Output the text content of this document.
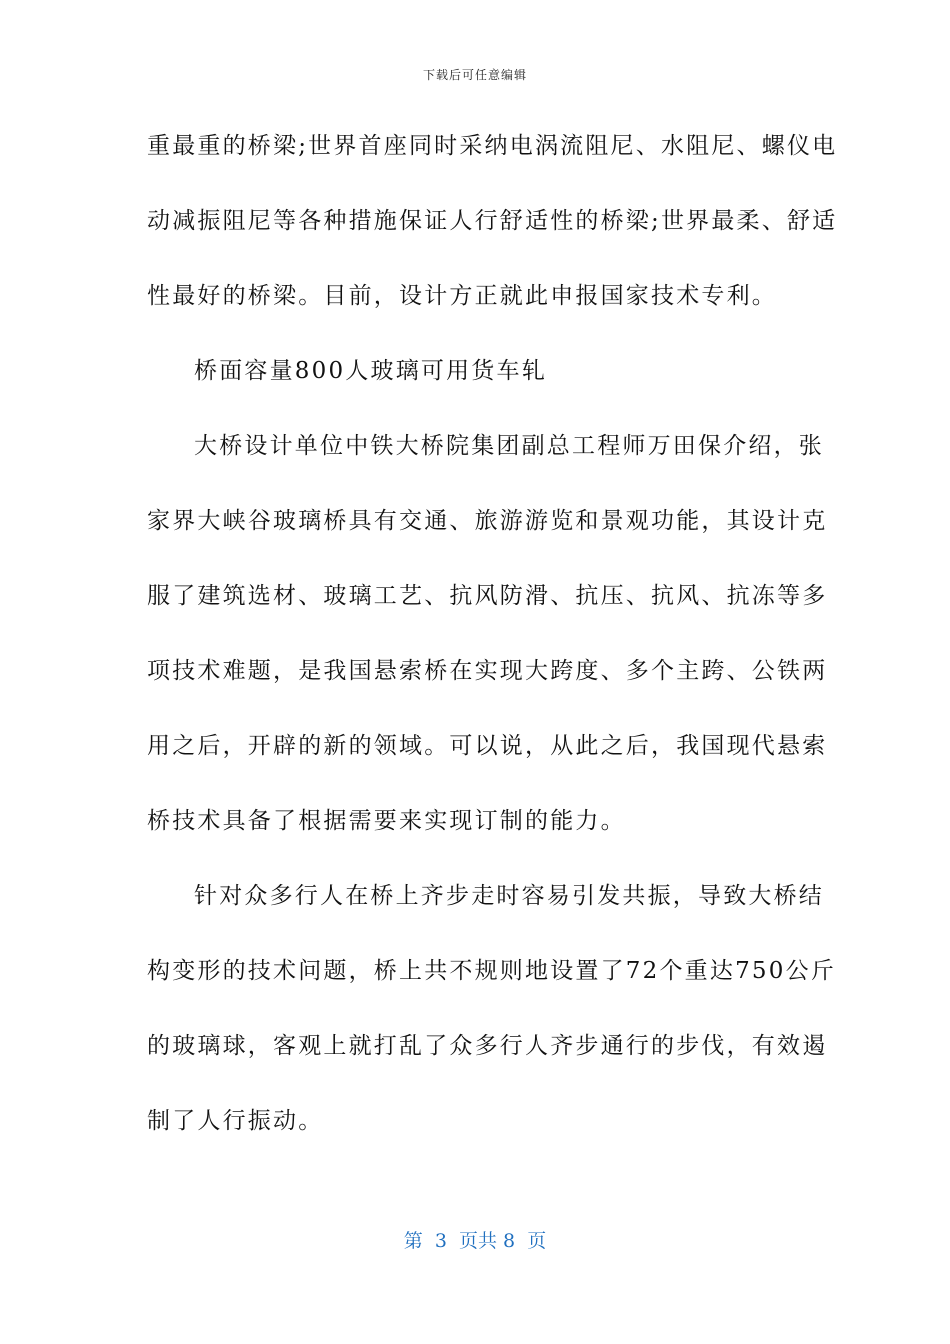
下载后可任意编辑
重最重的桥梁;世界首座同时采纳电涡流阻尼、水阻尼、螺仪电
动减振阻尼等各种措施保证人行舒适性的桥梁;世界最柔、舒适
性最好的桥梁。目前，设计方正就此申报国家技术专利。
桥面容量800人玻璃可用货车轧
大桥设计单位中铁大桥院集团副总工程师万田保介绍，张
家界大峡谷玻璃桥具有交通、旅游游览和景观功能，其设计克
服了建筑选材、玻璃工艺、抗风防滑、抗压、抗风、抗冻等多
项技术难题，是我国悬索桥在实现大跨度、多个主跨、公铁两
用之后，开辟的新的领域。可以说，从此之后，我国现代悬索
桥技术具备了根据需要来实现订制的能力。
针对众多行人在桥上齐步走时容易引发共振，导致大桥结
构变形的技术问题，桥上共不规则地设置了72个重达750公斤
的玻璃球，客观上就打乱了众多行人齐步通行的步伐，有效遏
制了人行振动。
第  3  页共 8  页
